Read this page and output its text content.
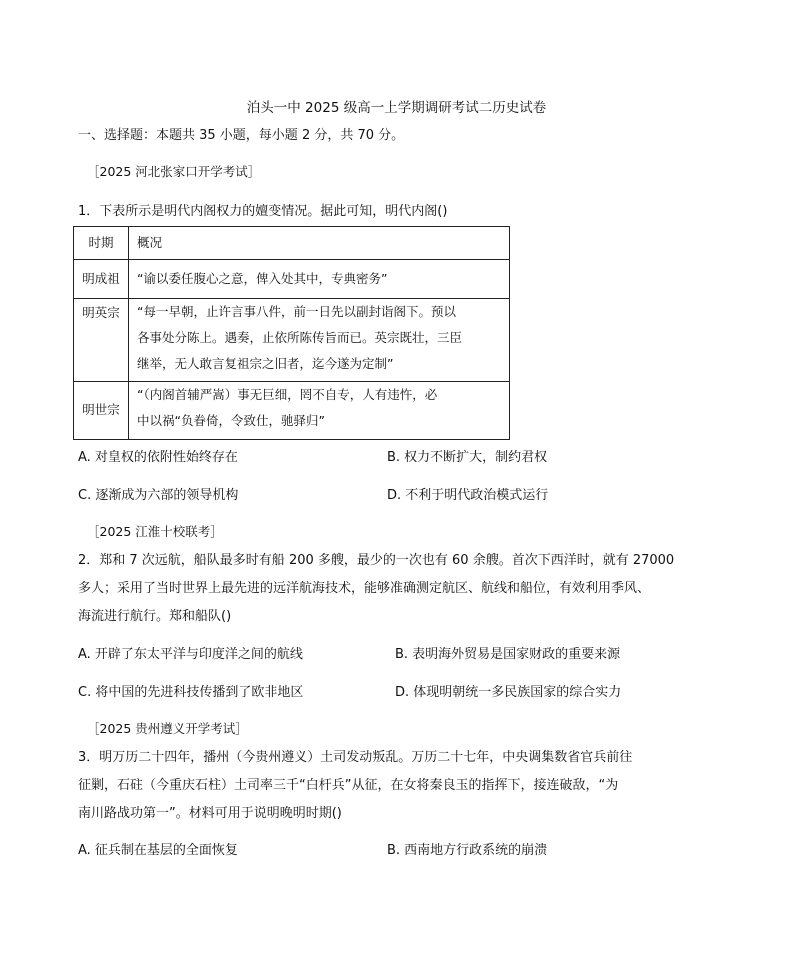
泊头一中 2025 级高一上学期调研考试二历史试卷
一、选择题：本题共 35 小题，每小题 2 分，共 70 分。
［2025 河北张家口开学考试］
1．下表所示是明代内阁权力的嬗变情况。据此可知，明代内阁()
时期	概况

明成祖	“谕以委任腹心之意，俾入处其中，专典密务”

明英宗	“每一早朝，止许言事八件，前一日先以副封诣阁下。预以
各事处分陈上。遇奏，止依所陈传旨而已。英宗既壮，三臣
继举，无人敢言复祖宗之旧者，迄今遂为定制”

明世宗	“（内阁首辅严嵩）事无巨细，罔不自专，人有违忤，必
中以祸“负眷倚，令致仕，驰驿归”
A. 对皇权的依附性始终存在	B. 权力不断扩大，制约君权
C. 逐渐成为六部的领导机构	D. 不利于明代政治模式运行
［2025 江淮十校联考］
2．郑和 7 次远航，船队最多时有船 200 多艘，最少的一次也有 60 余艘。首次下西洋时，就有 27000
多人；采用了当时世界上最先进的远洋航海技术，能够准确测定航区、航线和船位，有效利用季风、
海流进行航行。郑和船队()
A. 开辟了东太平洋与印度洋之间的航线	B. 表明海外贸易是国家财政的重要来源
C. 将中国的先进科技传播到了欧非地区	D. 体现明朝统一多民族国家的综合实力
［2025 贵州遵义开学考试］
3．明万历二十四年，播州（今贵州遵义）土司发动叛乱。万历二十七年，中央调集数省官兵前往
征剿，石砫（今重庆石柱）土司率三千“白杆兵”从征，在女将秦良玉的指挥下，接连破敌，“为
南川路战功第一”。材料可用于说明晚明时期()
A. 征兵制在基层的全面恢复	B. 西南地方行政系统的崩溃
